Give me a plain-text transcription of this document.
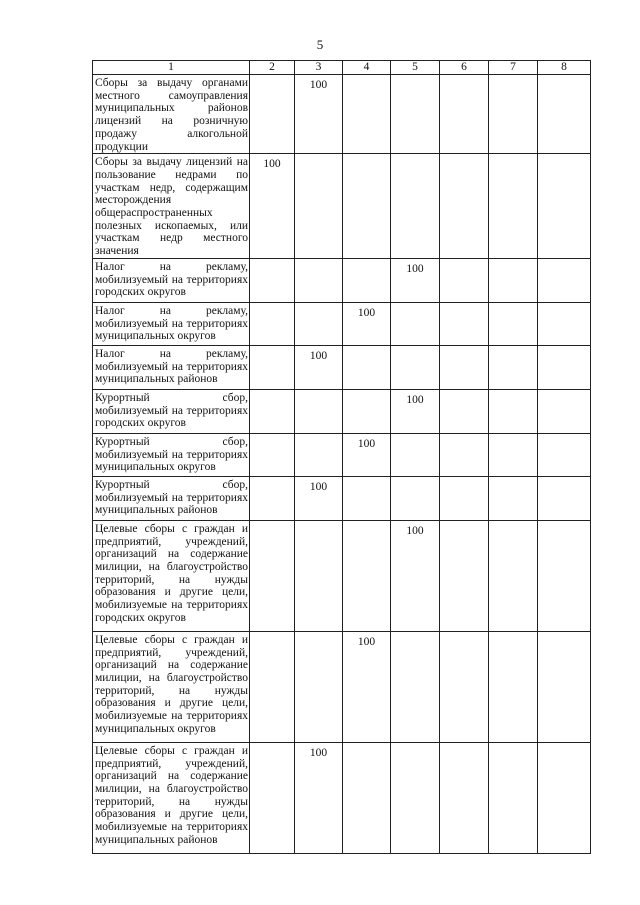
5
1	2	3	4	5	6	7	8
Сборы за выдачу органами местного самоуправления муниципальных районов лицензий на розничную продажу алкогольной продукции		100					
Сборы за выдачу лицензий на пользование недрами по участкам недр, содержащим месторождения общераспространенных полезных ископаемых, или участкам недр местного значения	100						
Налог на рекламу, мобилизуемый на территориях городских округов				100			
Налог на рекламу, мобилизуемый на территориях муниципальных округов			100				
Налог на рекламу, мобилизуемый на территориях муниципальных районов		100					
Курортный сбор, мобилизуемый на территориях городских округов				100			
Курортный сбор, мобилизуемый на территориях муниципальных округов			100				
Курортный сбор, мобилизуемый на территориях муниципальных районов		100					
Целевые сборы с граждан и предприятий, учреждений, организаций на содержание милиции, на благоустройство территорий, на нужды образования и другие цели, мобилизуемые на территориях городских округов				100			
Целевые сборы с граждан и предприятий, учреждений, организаций на содержание милиции, на благоустройство территорий, на нужды образования и другие цели, мобилизуемые на территориях муниципальных округов			100				
Целевые сборы с граждан и предприятий, учреждений, организаций на содержание милиции, на благоустройство территорий, на нужды образования и другие цели, мобилизуемые на территориях муниципальных районов		100					
